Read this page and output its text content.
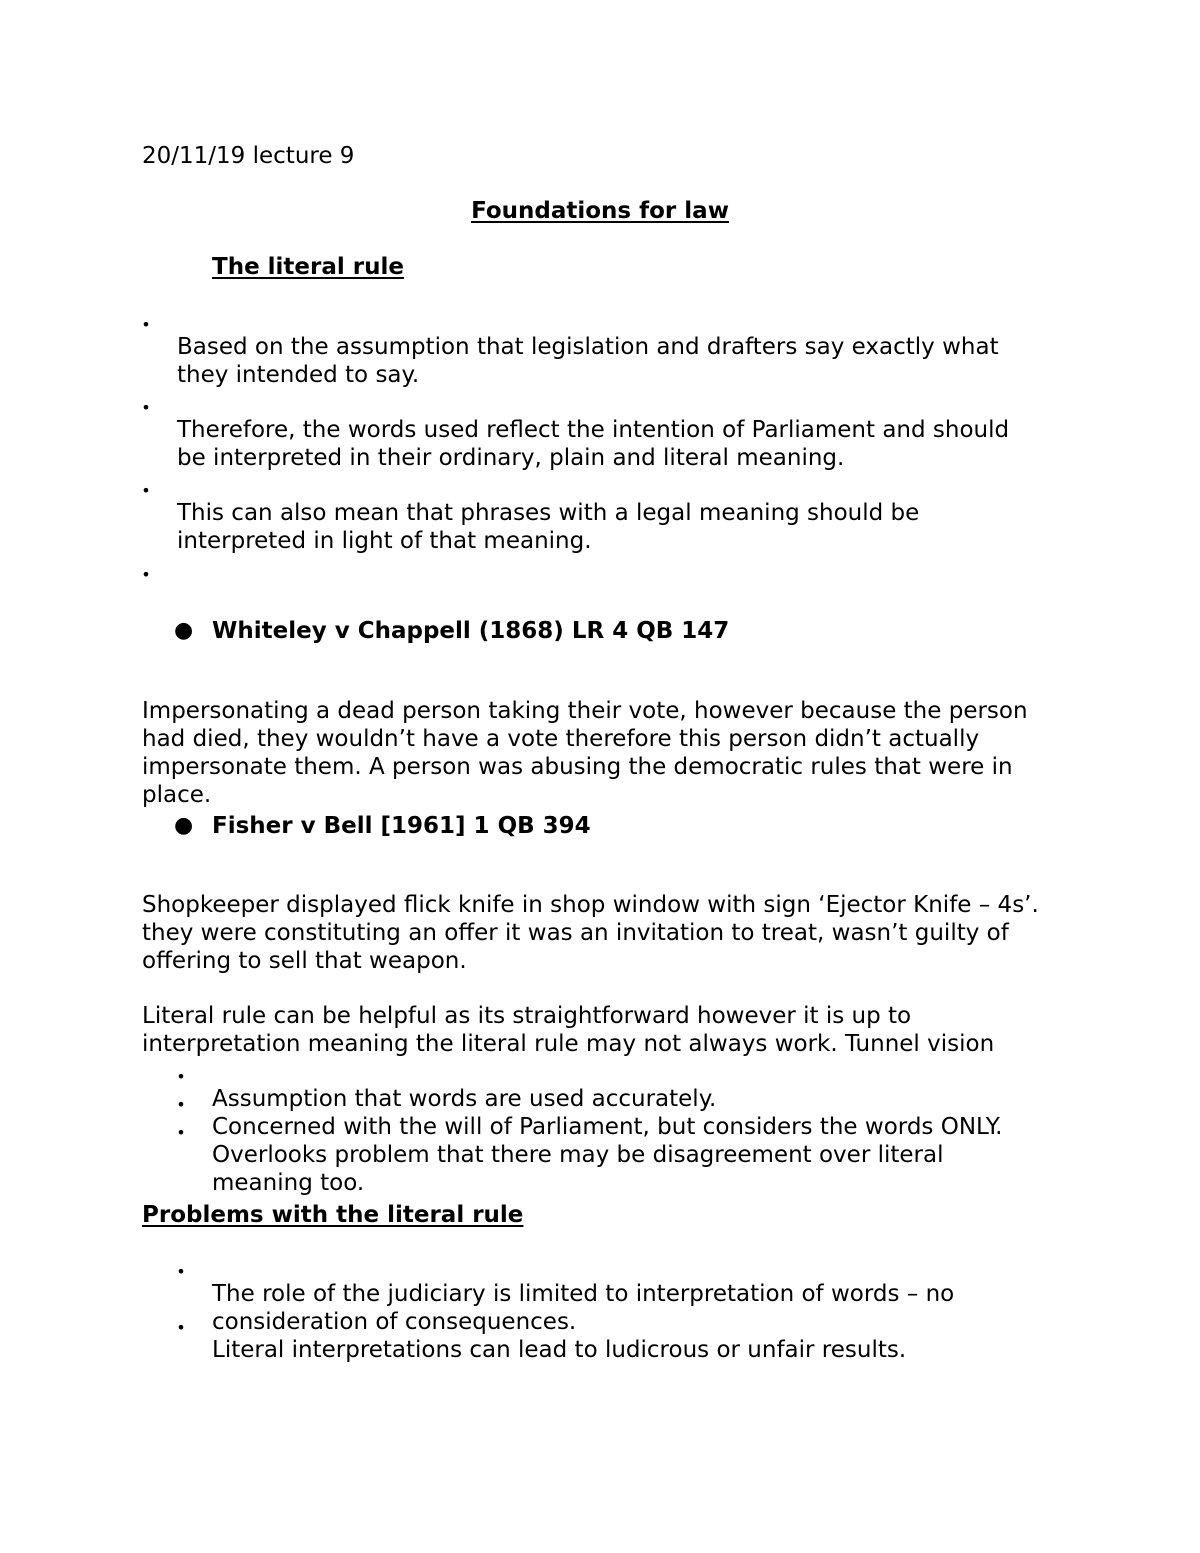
20/11/19 lecture 9

Foundations for law

The literal rule

•

Based on the assumption that legislation and drafters say exactly what they intended to say.

•

Therefore, the words used reflect the intention of Parliament and should be interpreted in their ordinary, plain and literal meaning.

•

This can also mean that phrases with a legal meaning should be interpreted in light of that meaning.

•

● Whiteley v Chappell (1868) LR 4 QB 147

Impersonating a dead person taking their vote, however because the person had died, they wouldn’t have a vote therefore this person didn’t actually impersonate them. A person was abusing the democratic rules that were in place.

● Fisher v Bell [1961] 1 QB 394

Shopkeeper displayed flick knife in shop window with sign ‘Ejector Knife – 4s’. they were constituting an offer it was an invitation to treat, wasn’t guilty of offering to sell that weapon.

Literal rule can be helpful as its straightforward however it is up to interpretation meaning the literal rule may not always work. Tunnel vision

•

Assumption that words are used accurately.

•

Concerned with the will of Parliament, but considers the words ONLY.

•

Overlooks problem that there may be disagreement over literal meaning too.

Problems with the literal rule

•

The role of the judiciary is limited to interpretation of words – no consideration of consequences.

•

Literal interpretations can lead to ludicrous or unfair results.
